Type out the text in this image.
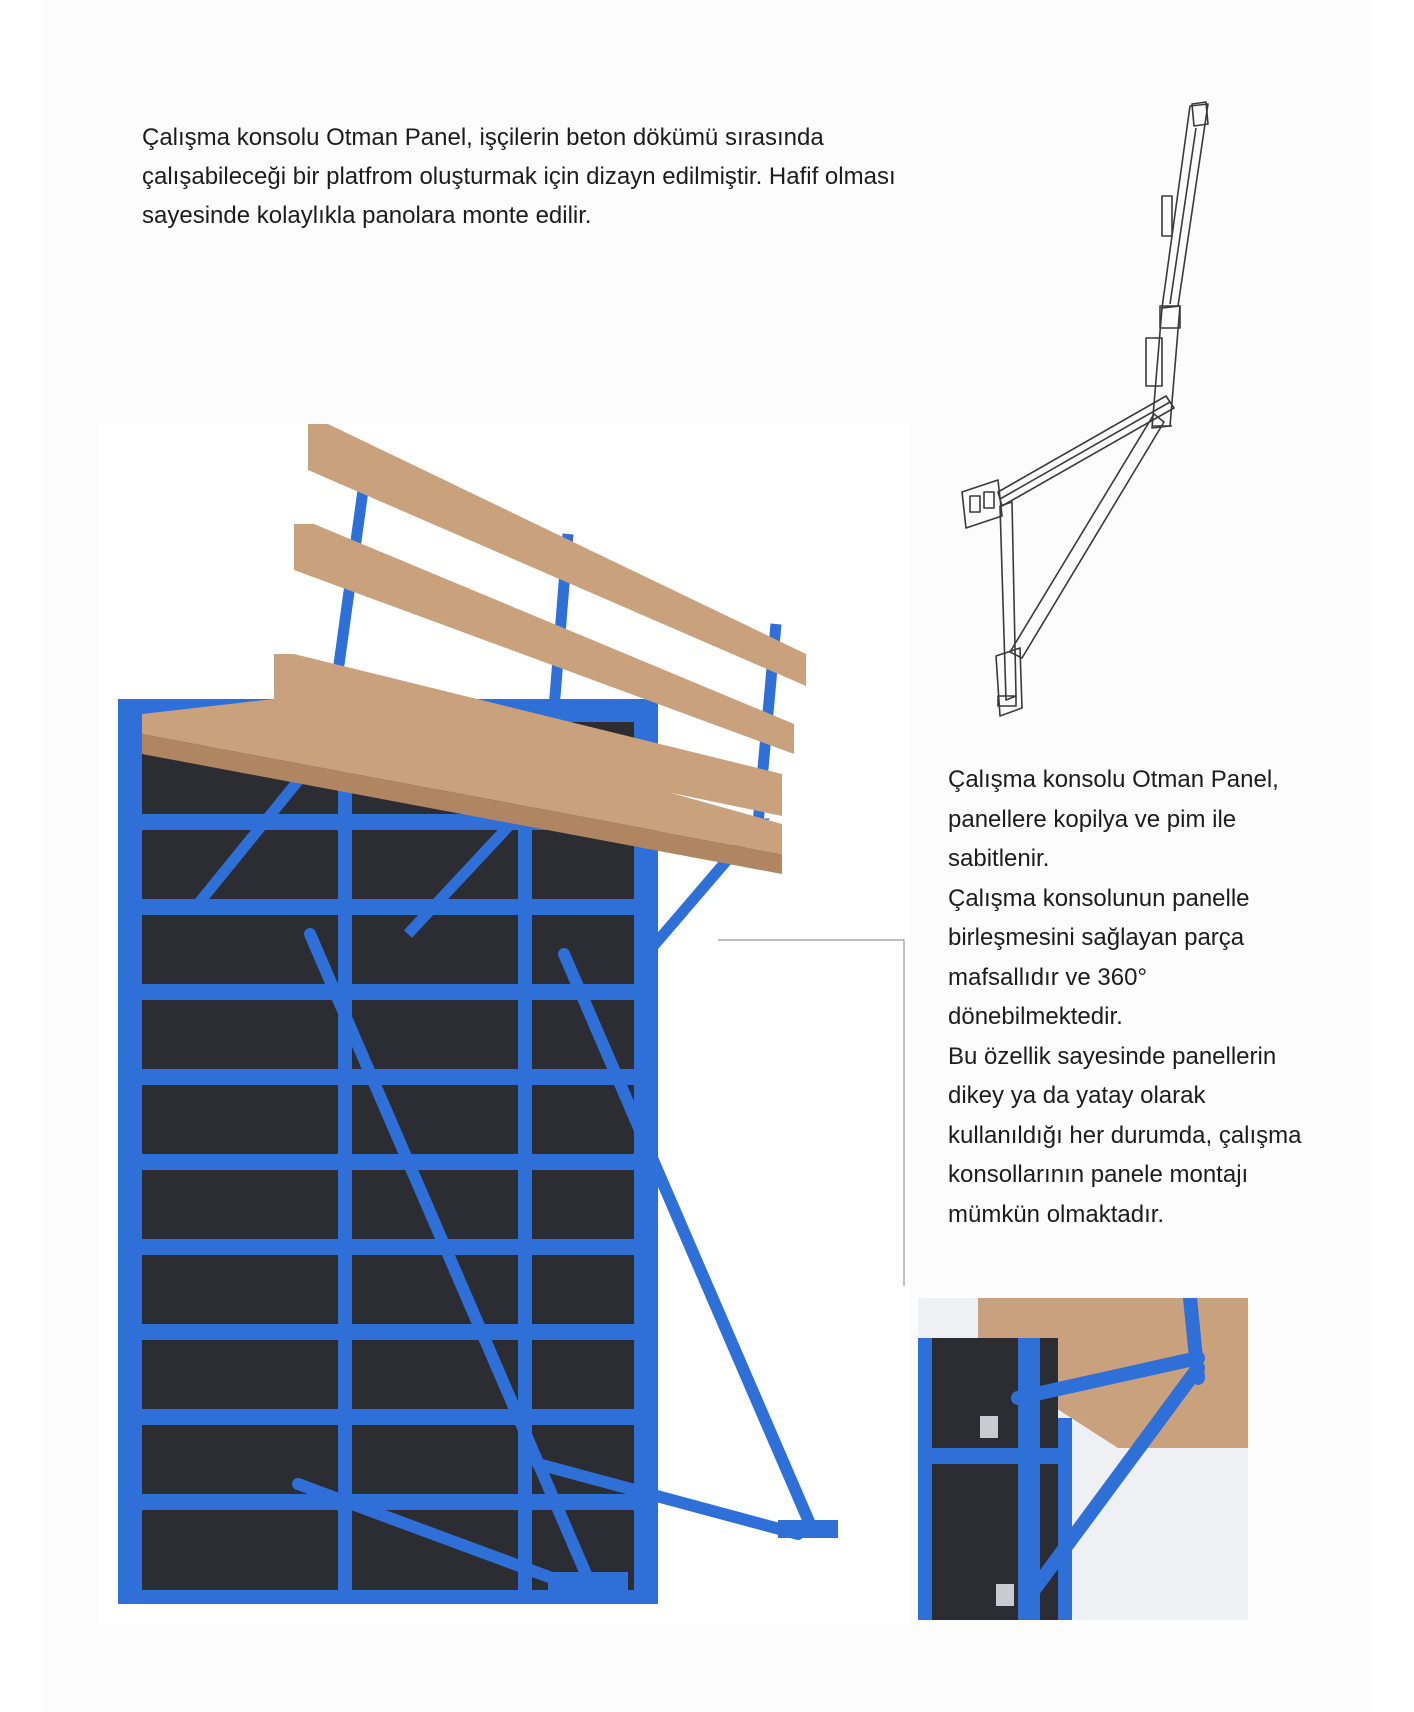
Çalışma konsolu Otman Panel, işçilerin beton dökümü sırasında çalışabileceği bir platfrom oluşturmak için dizayn edilmiştir. Hafif olması sayesinde kolaylıkla panolara monte edilir.

Çalışma konsolu Otman Panel, panellere kopilya ve pim ile sabitlenir.

Çalışma konsolunun panelle birleşmesini sağlayan parça mafsallıdır ve 360° dönebilmektedir.

Bu özellik sayesinde panellerin dikey ya da yatay olarak kullanıldığı her durumda, çalışma konsollarının panele montajı mümkün olmaktadır.
